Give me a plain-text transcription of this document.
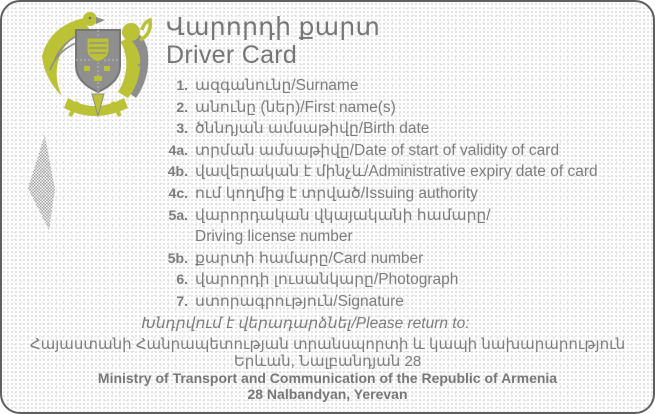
Վարորդի քարտ
Driver Card
1. ազգանունը/Surname
2. անունը (ներ)/First name(s)
3. ծննդյան ամսաթիվը/Birth date
4a. տրման ամսաթիվը/Date of start of validity of card
4b. վավերական է մինչև/Administrative expiry date of card
4c. ում կողմից է տրված/Issuing authority
5a. վարորդական վկայականի համարը/
Driving license number
5b. քարտի համարը/Card number
6. վարորդի լուսանկարը/Photograph
7. ստորագրություն/Signature
Խնդրվում է վերադարձնել/Please return to:
Հայաստանի Հանրապետության տրանսպորտի և կապի նախարարություն
Երևան, Նալբանդյան 28
Ministry of Transport and Communication of the Republic of Armenia
28 Nalbandyan, Yerevan
